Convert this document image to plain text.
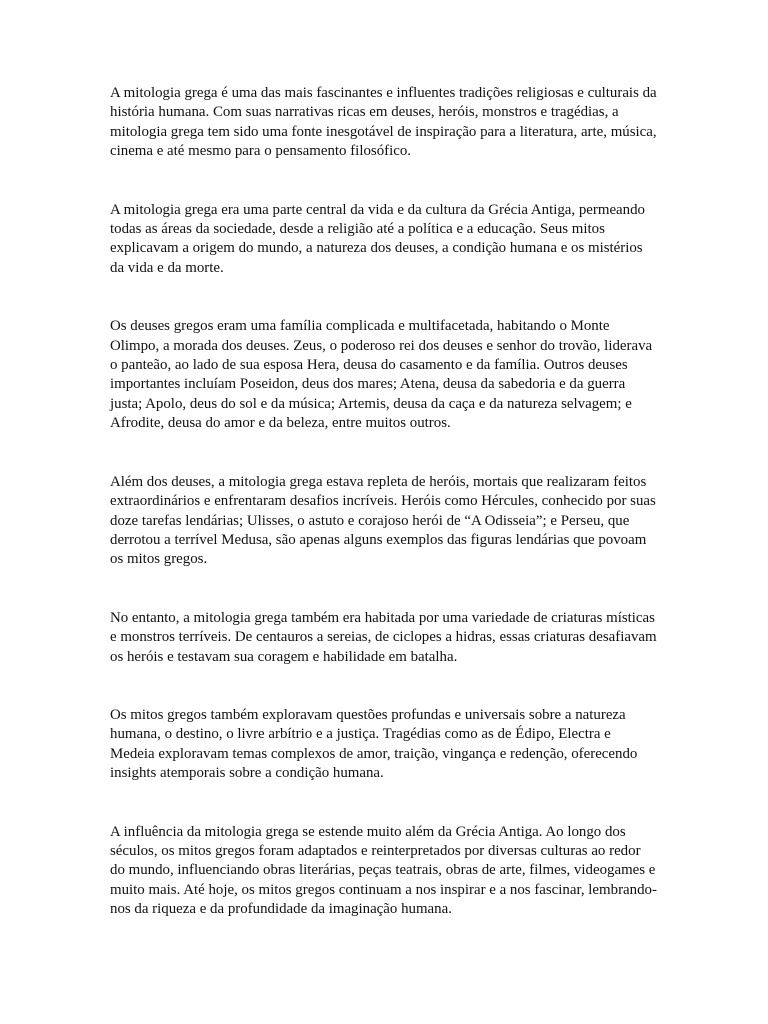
A mitologia grega é uma das mais fascinantes e influentes tradições religiosas e culturais da história humana. Com suas narrativas ricas em deuses, heróis, monstros e tragédias, a mitologia grega tem sido uma fonte inesgotável de inspiração para a literatura, arte, música, cinema e até mesmo para o pensamento filosófico.

A mitologia grega era uma parte central da vida e da cultura da Grécia Antiga, permeando todas as áreas da sociedade, desde a religião até a política e a educação. Seus mitos explicavam a origem do mundo, a natureza dos deuses, a condição humana e os mistérios da vida e da morte.

Os deuses gregos eram uma família complicada e multifacetada, habitando o Monte Olimpo, a morada dos deuses. Zeus, o poderoso rei dos deuses e senhor do trovão, liderava o panteão, ao lado de sua esposa Hera, deusa do casamento e da família. Outros deuses importantes incluíam Poseidon, deus dos mares; Atena, deusa da sabedoria e da guerra justa; Apolo, deus do sol e da música; Artemis, deusa da caça e da natureza selvagem; e Afrodite, deusa do amor e da beleza, entre muitos outros.

Além dos deuses, a mitologia grega estava repleta de heróis, mortais que realizaram feitos extraordinários e enfrentaram desafios incríveis. Heróis como Hércules, conhecido por suas doze tarefas lendárias; Ulisses, o astuto e corajoso herói de “A Odisseia”; e Perseu, que derrotou a terrível Medusa, são apenas alguns exemplos das figuras lendárias que povoam os mitos gregos.

No entanto, a mitologia grega também era habitada por uma variedade de criaturas místicas e monstros terríveis. De centauros a sereias, de ciclopes a hidras, essas criaturas desafiavam os heróis e testavam sua coragem e habilidade em batalha.

Os mitos gregos também exploravam questões profundas e universais sobre a natureza humana, o destino, o livre arbítrio e a justiça. Tragédias como as de Édipo, Electra e Medeia exploravam temas complexos de amor, traição, vingança e redenção, oferecendo insights atemporais sobre a condição humana.

A influência da mitologia grega se estende muito além da Grécia Antiga. Ao longo dos séculos, os mitos gregos foram adaptados e reinterpretados por diversas culturas ao redor do mundo, influenciando obras literárias, peças teatrais, obras de arte, filmes, videogames e muito mais. Até hoje, os mitos gregos continuam a nos inspirar e a nos fascinar, lembrando-nos da riqueza e da profundidade da imaginação humana.
